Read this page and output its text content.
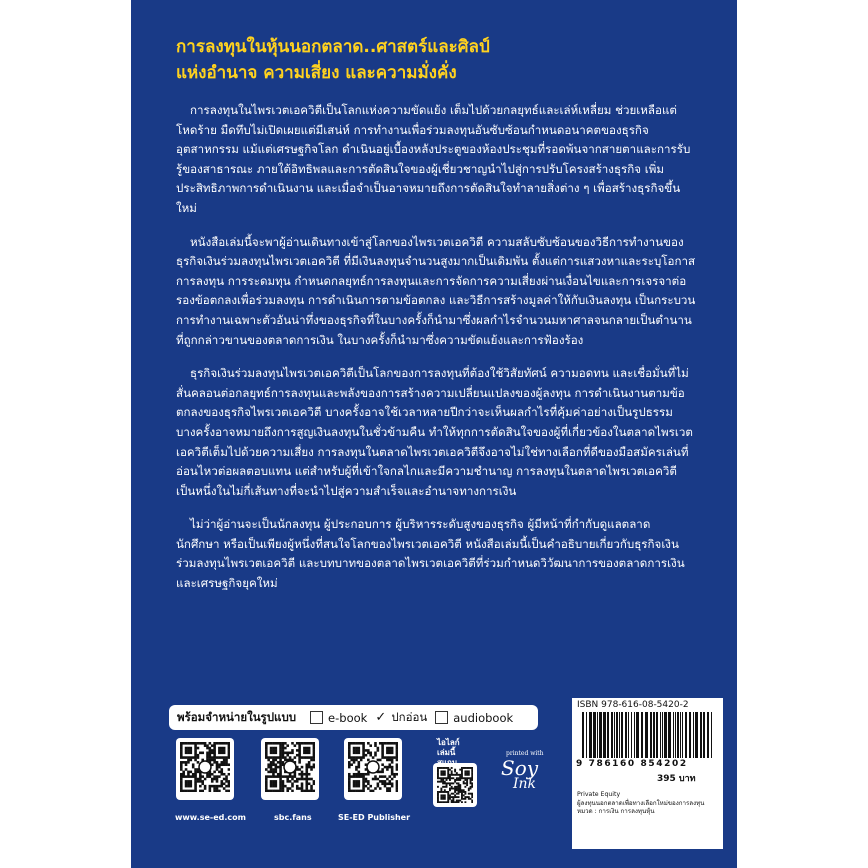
การลงทุนในหุ้นนอกตลาด..ศาสตร์และศิลป์
แห่งอำนาจ ความเสี่ยง และความมั่งคั่ง

การลงทุนในไพรเวตเอควิตีเป็นโลกแห่งความขัดแย้ง เต็มไปด้วยกลยุทธ์และเล่ห์เหลี่ยม ช่วยเหลือแต่โหดร้าย มืดทึบไม่เปิดเผยแต่มีเสน่ห์ การทำงานเพื่อร่วมลงทุนอันซับซ้อนกำหนดอนาคตของธุรกิจ อุตสาหกรรม แม้แต่เศรษฐกิจโลก ดำเนินอยู่เบื้องหลังประตูของห้องประชุมที่รอดพ้นจากสายตาและการรับรู้ของสาธารณะ ภายใต้อิทธิพลและการตัดสินใจของผู้เชี่ยวชาญนำไปสู่การปรับโครงสร้างธุรกิจ เพิ่มประสิทธิภาพการดำเนินงาน และเมื่อจำเป็นอาจหมายถึงการตัดสินใจทำลายสิ่งต่าง ๆ เพื่อสร้างธุรกิจขึ้นใหม่

หนังสือเล่มนี้จะพาผู้อ่านเดินทางเข้าสู่โลกของไพรเวตเอควิตี ความสลับซับซ้อนของวิธีการทำงานของธุรกิจเงินร่วมลงทุนไพรเวตเอควิตี ที่มีเงินลงทุนจำนวนสูงมากเป็นเดิมพัน ตั้งแต่การแสวงหาและระบุโอกาสการลงทุน การระดมทุน กำหนดกลยุทธ์การลงทุนและการจัดการความเสี่ยงผ่านเงื่อนไขและการเจรจาต่อรองข้อตกลงเพื่อร่วมลงทุน การดำเนินการตามข้อตกลง และวิธีการสร้างมูลค่าให้กับเงินลงทุน เป็นกระบวนการทำงานเฉพาะตัวอันน่าทึ่งของธุรกิจที่ในบางครั้งก็นำมาซึ่งผลกำไรจำนวนมหาศาลจนกลายเป็นตำนานที่ถูกกล่าวขานของตลาดการเงิน ในบางครั้งก็นำมาซึ่งความขัดแย้งและการฟ้องร้อง

ธุรกิจเงินร่วมลงทุนไพรเวตเอควิตีเป็นโลกของการลงทุนที่ต้องใช้วิสัยทัศน์ ความอดทน และเชื่อมั่นที่ไม่สั่นคลอนต่อกลยุทธ์การลงทุนและพลังของการสร้างความเปลี่ยนแปลงของผู้ลงทุน การดำเนินงานตามข้อตกลงของธุรกิจไพรเวตเอควิตี บางครั้งอาจใช้เวลาหลายปีกว่าจะเห็นผลกำไรที่คุ้มค่าอย่างเป็นรูปธรรม บางครั้งอาจหมายถึงการสูญเงินลงทุนในชั่วข้ามคืน ทำให้ทุกการตัดสินใจของผู้ที่เกี่ยวข้องในตลาดไพรเวตเอควิตีเต็มไปด้วยความเสี่ยง การลงทุนในตลาดไพรเวตเอควิตีจึงอาจไม่ใช่ทางเลือกที่ดีของมือสมัครเล่นที่อ่อนไหวต่อผลตอบแทน แต่สำหรับผู้ที่เข้าใจกลไกและมีความชำนาญ การลงทุนในตลาดไพรเวตเอควิตีเป็นหนึ่งในไม่กี่เส้นทางที่จะนำไปสู่ความสำเร็จและอำนาจทางการเงิน

ไม่ว่าผู้อ่านจะเป็นนักลงทุน ผู้ประกอบการ ผู้บริหารระดับสูงของธุรกิจ ผู้มีหน้าที่กำกับดูแลตลาด นักศึกษา หรือเป็นเพียงผู้หนึ่งที่สนใจโลกของไพรเวตเอควิตี หนังสือเล่มนี้เป็นคำอธิบายเกี่ยวกับธุรกิจเงินร่วมลงทุนไพรเวตเอควิตี และบทบาทของตลาดไพรเวตเอควิตีที่ร่วมกำหนดวิวัฒนาการของตลาดการเงินและเศรษฐกิจยุคใหม่

พร้อมจำหน่ายในรูปแบบ	e-book ✓ ปกอ่อน audiobook
www.se-ed.com	sbc.fans	SE-ED Publisher
ไอไลก์เล่มนี้	printed with
Soy
Ink
ISBN 978-616-08-5420-2
9 786160 854202
395 บาท
Private Equity
ผู้ลงทุนนอกตลาดเพื่อทางเลือกใหม่ของการลงทุน
หมวด : การเงิน การลงทุนหุ้น
